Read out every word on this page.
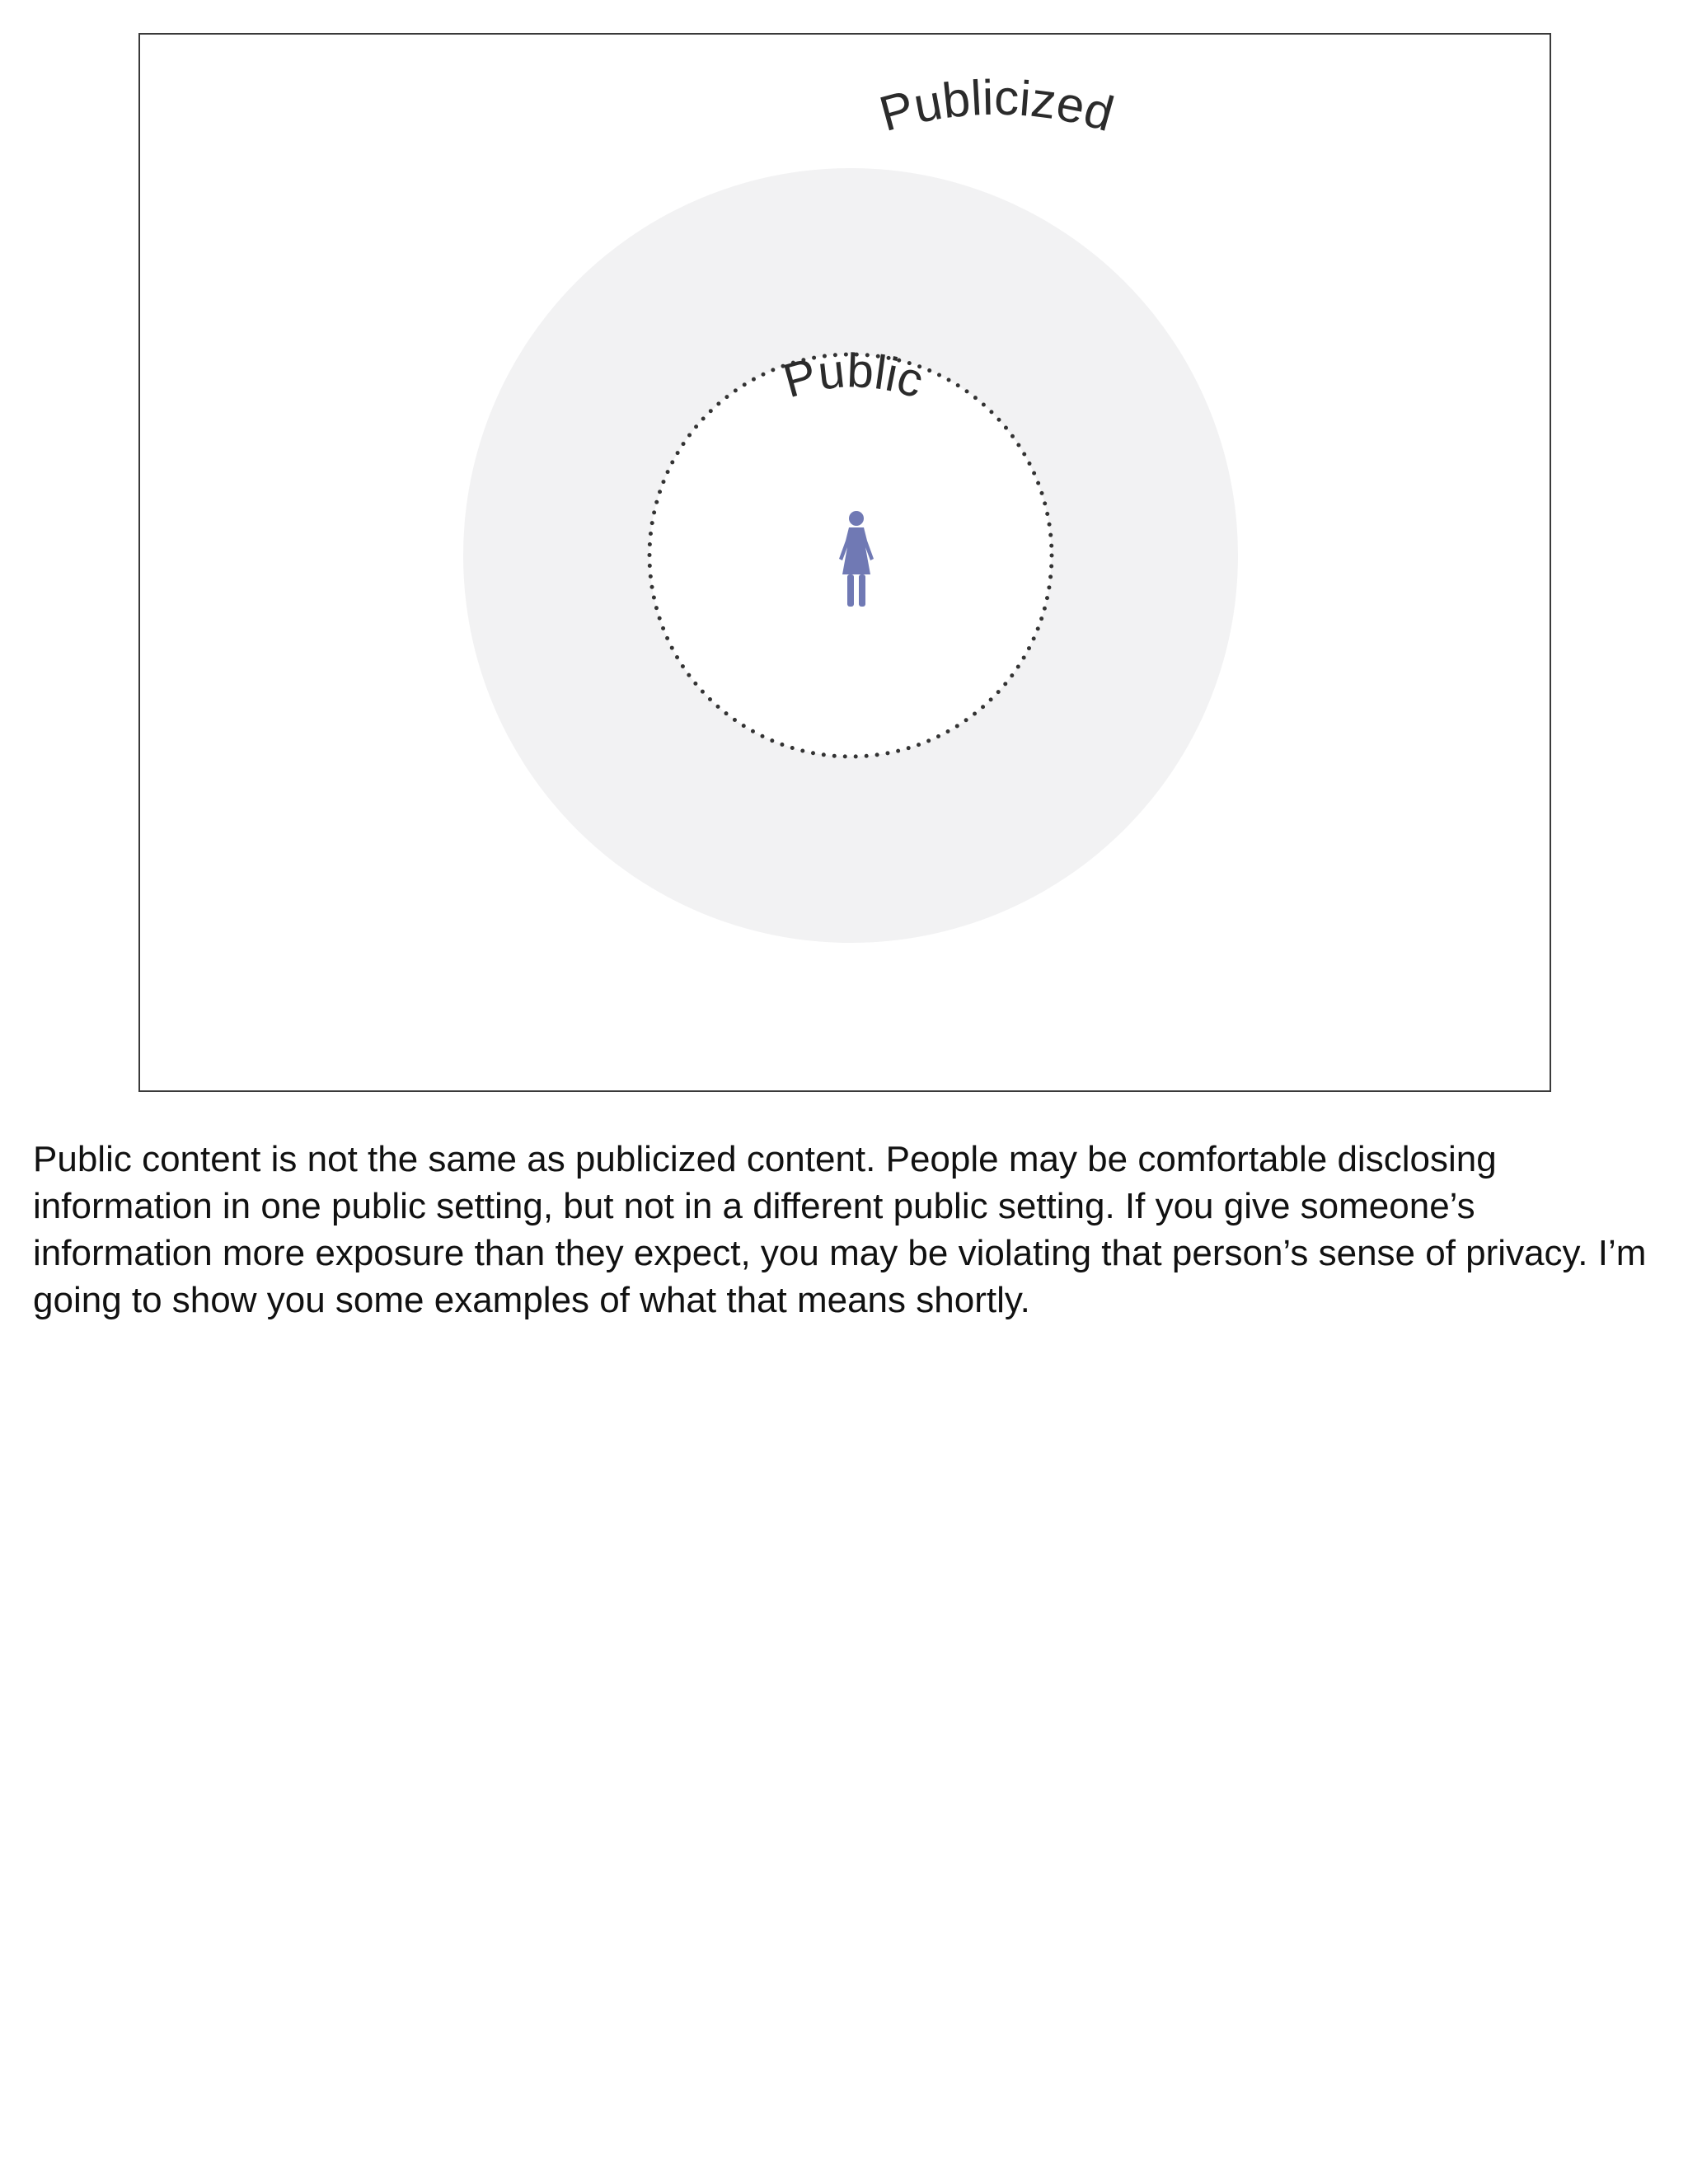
Publicized
Public

Public content is not the same as publicized content. People may be comfortable disclosing information in one public setting, but not in a different public setting. If you give someone’s information more exposure than they expect, you may be violating that person’s sense of privacy. I’m going to show you some examples of what that means shortly.
